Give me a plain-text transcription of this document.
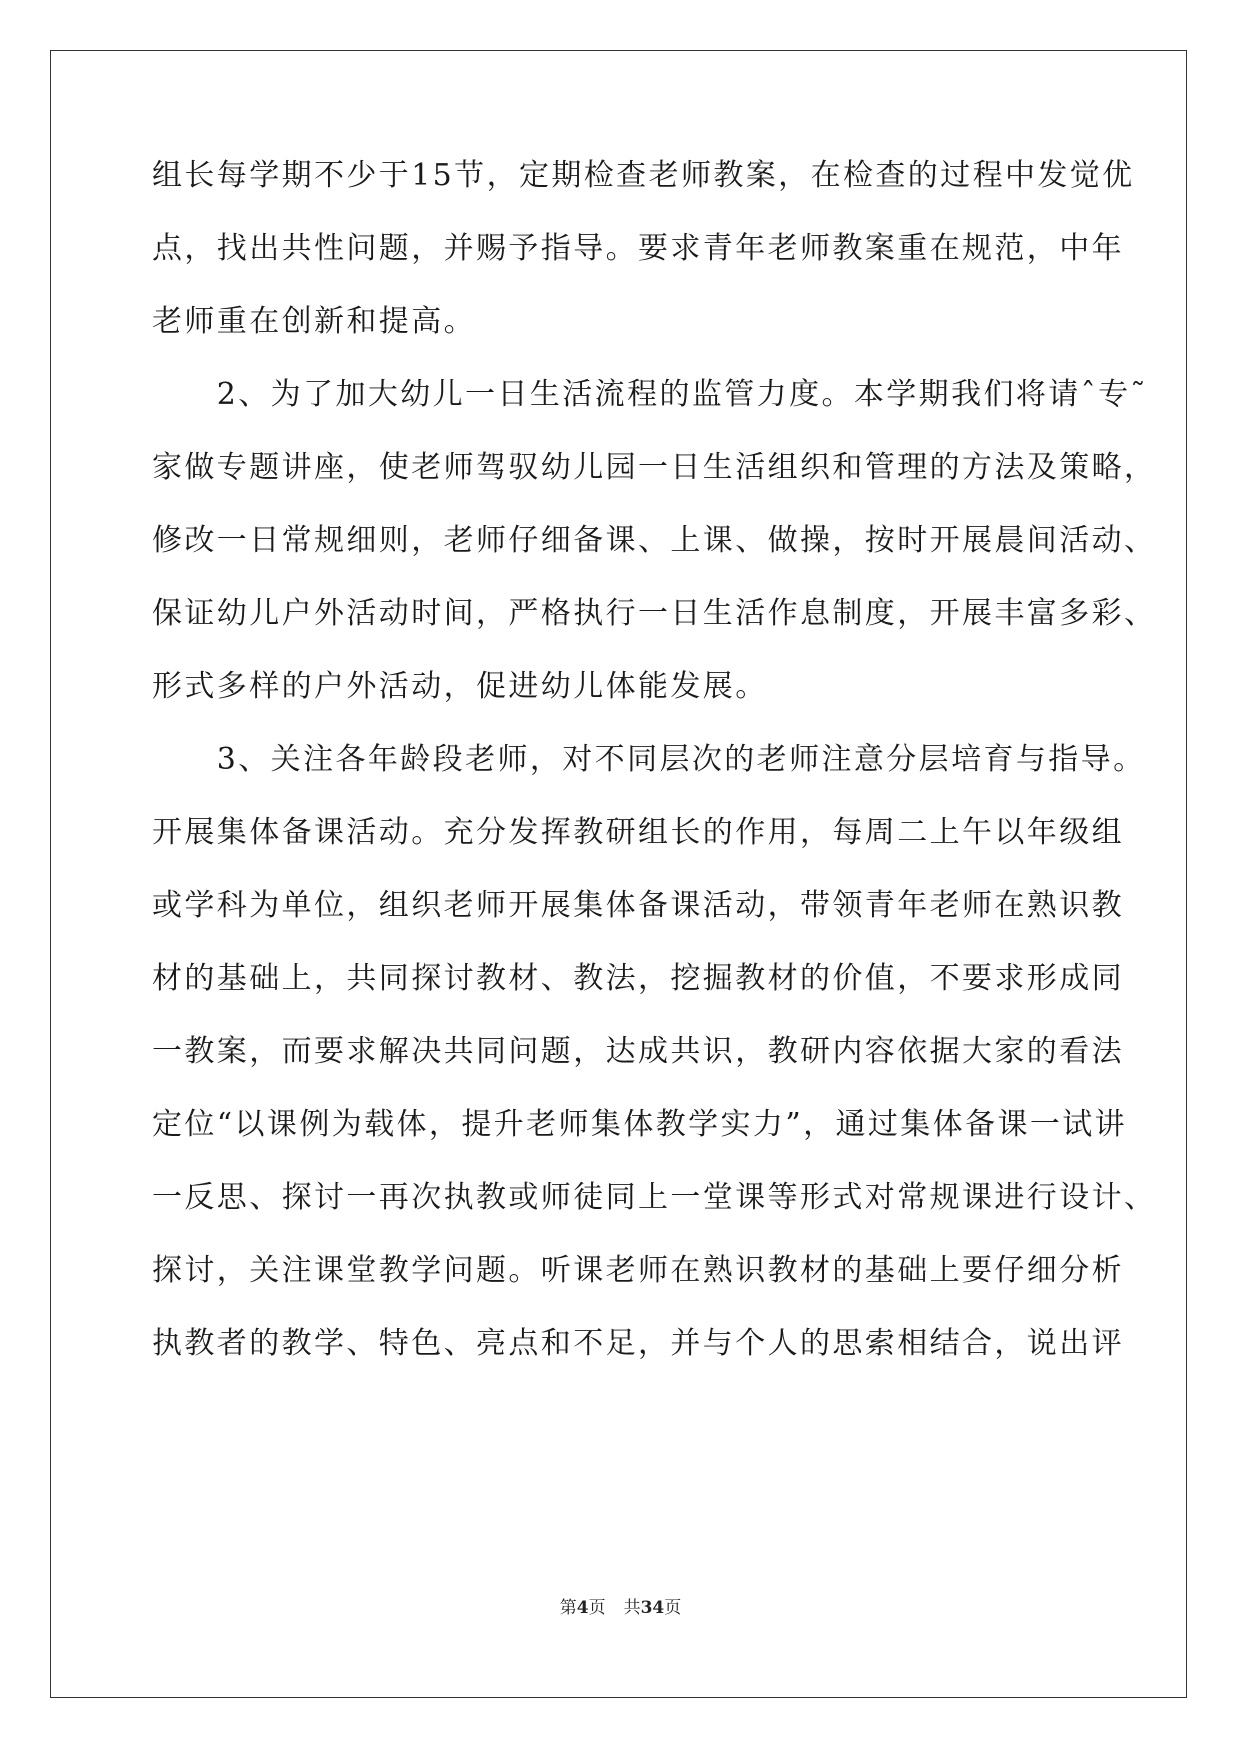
组长每学期不少于15节，定期检查老师教案，在检查的过程中发觉优
点，找出共性问题，并赐予指导。要求青年老师教案重在规范，中年
老师重在创新和提高。
　　2、为了加大幼儿一日生活流程的监管力度。本学期我们将请ˆ专˜
家做专题讲座，使老师驾驭幼儿园一日生活组织和管理的方法及策略，
修改一日常规细则，老师仔细备课、上课、做操，按时开展晨间活动、
保证幼儿户外活动时间，严格执行一日生活作息制度，开展丰富多彩、
形式多样的户外活动，促进幼儿体能发展。
　　3、关注各年龄段老师，对不同层次的老师注意分层培育与指导。
开展集体备课活动。充分发挥教研组长的作用，每周二上午以年级组
或学科为单位，组织老师开展集体备课活动，带领青年老师在熟识教
材的基础上，共同探讨教材、教法，挖掘教材的价值，不要求形成同
一教案，而要求解决共同问题，达成共识，教研内容依据大家的看法
定位“以课例为载体，提升老师集体教学实力”，通过集体备课一试讲
一反思、探讨一再次执教或师徒同上一堂课等形式对常规课进行设计、
探讨，关注课堂教学问题。听课老师在熟识教材的基础上要仔细分析
执教者的教学、特色、亮点和不足，并与个人的思索相结合，说出评
第4页 共34页
